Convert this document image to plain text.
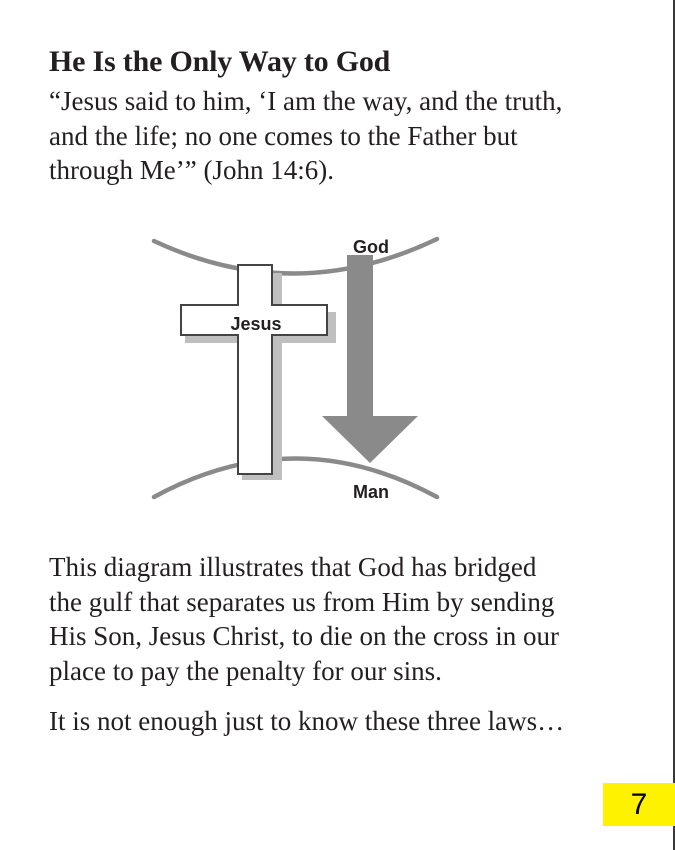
He Is the Only Way to God

“Jesus said to him, ‘I am the way, and the truth,
and the life; no one comes to the Father but
through Me’” (John 14:6).

God
Jesus
Man

This diagram illustrates that God has bridged
the gulf that separates us from Him by sending
His Son, Jesus Christ, to die on the cross in our
place to pay the penalty for our sins.

It is not enough just to know these three laws…

7
